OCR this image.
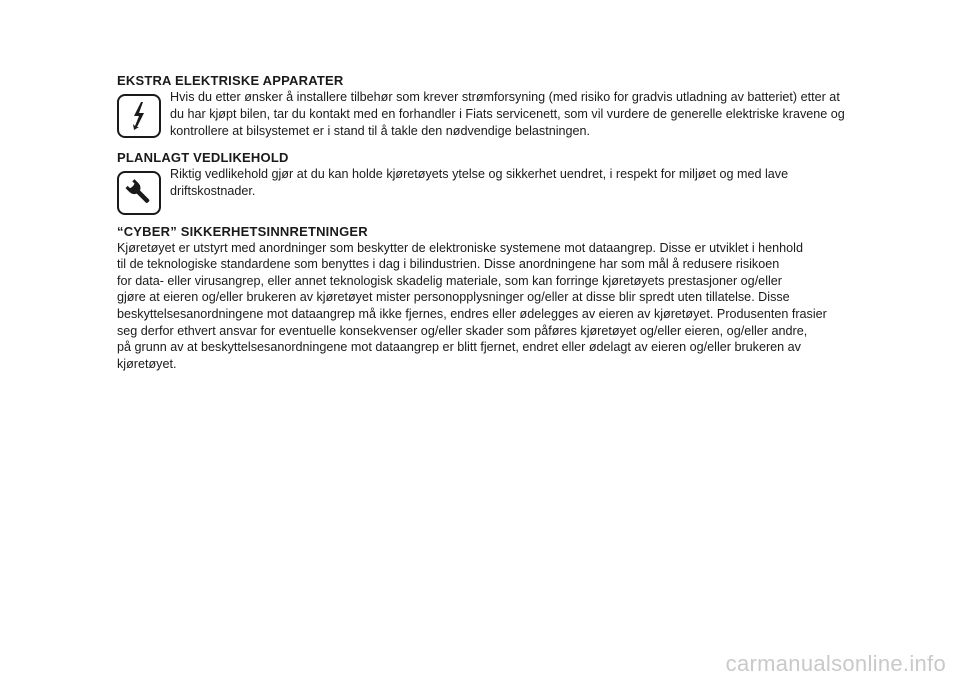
EKSTRA ELEKTRISKE APPARATER

Hvis du etter ønsker å installere tilbehør som krever strømforsyning (med risiko for gradvis utladning av batteriet) etter at
du har kjøpt bilen, tar du kontakt med en forhandler i Fiats servicenett, som vil vurdere de generelle elektriske kravene og
kontrollere at bilsystemet er i stand til å takle den nødvendige belastningen.

PLANLAGT VEDLIKEHOLD

Riktig vedlikehold gjør at du kan holde kjøretøyets ytelse og sikkerhet uendret, i respekt for miljøet og med lave
driftskostnader.

“CYBER” SIKKERHETSINNRETNINGER

Kjøretøyet er utstyrt med anordninger som beskytter de elektroniske systemene mot dataangrep. Disse er utviklet i henhold
til de teknologiske standardene som benyttes i dag i bilindustrien. Disse anordningene har som mål å redusere risikoen
for data- eller virusangrep, eller annet teknologisk skadelig materiale, som kan forringe kjøretøyets prestasjoner og/eller
gjøre at eieren og/eller brukeren av kjøretøyet mister personopplysninger og/eller at disse blir spredt uten tillatelse. Disse
beskyttelsesanordningene mot dataangrep må ikke fjernes, endres eller ødelegges av eieren av kjøretøyet. Produsenten frasier
seg derfor ethvert ansvar for eventuelle konsekvenser og/eller skader som påføres kjøretøyet og/eller eieren, og/eller andre,
på grunn av at beskyttelsesanordningene mot dataangrep er blitt fjernet, endret eller ødelagt av eieren og/eller brukeren av
kjøretøyet.

carmanualsonline.info
